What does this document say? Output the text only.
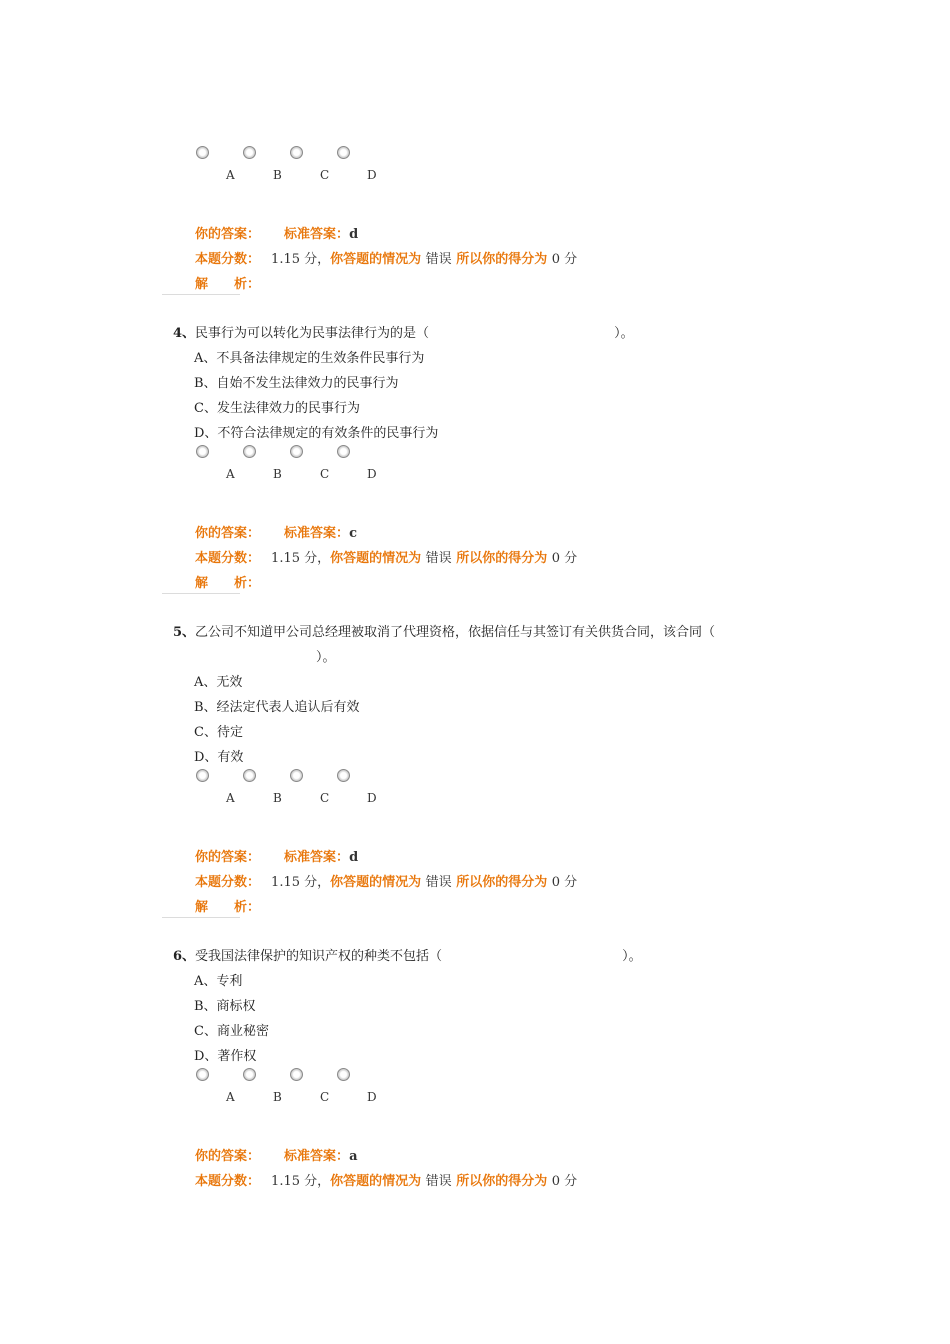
A	B	C	D
你的答案：　　 标准答案：d
本题分数：　 1.15 分，你答题的情况为 错误 所以你的得分为 0 分
解　　析：
4、民事行为可以转化为民事法律行为的是（	）。
A、不具备法律规定的生效条件民事行为
B、自始不发生法律效力的民事行为
C、发生法律效力的民事行为
D、不符合法律规定的有效条件的民事行为
A	B	C	D
你的答案：　　 标准答案：c
本题分数：　 1.15 分，你答题的情况为 错误 所以你的得分为 0 分
解　　析：
5、乙公司不知道甲公司总经理被取消了代理资格，依据信任与其签订有关供货合同，该合同（
）。
A、无效
B、经法定代表人追认后有效
C、待定
D、有效
A	B	C	D
你的答案：　　 标准答案：d
本题分数：　 1.15 分，你答题的情况为 错误 所以你的得分为 0 分
解　　析：
6、受我国法律保护的知识产权的种类不包括（	）。
A、专利
B、商标权
C、商业秘密
D、著作权
A	B	C	D
你的答案：　　 标准答案：a
本题分数：　 1.15 分，你答题的情况为 错误 所以你的得分为 0 分
